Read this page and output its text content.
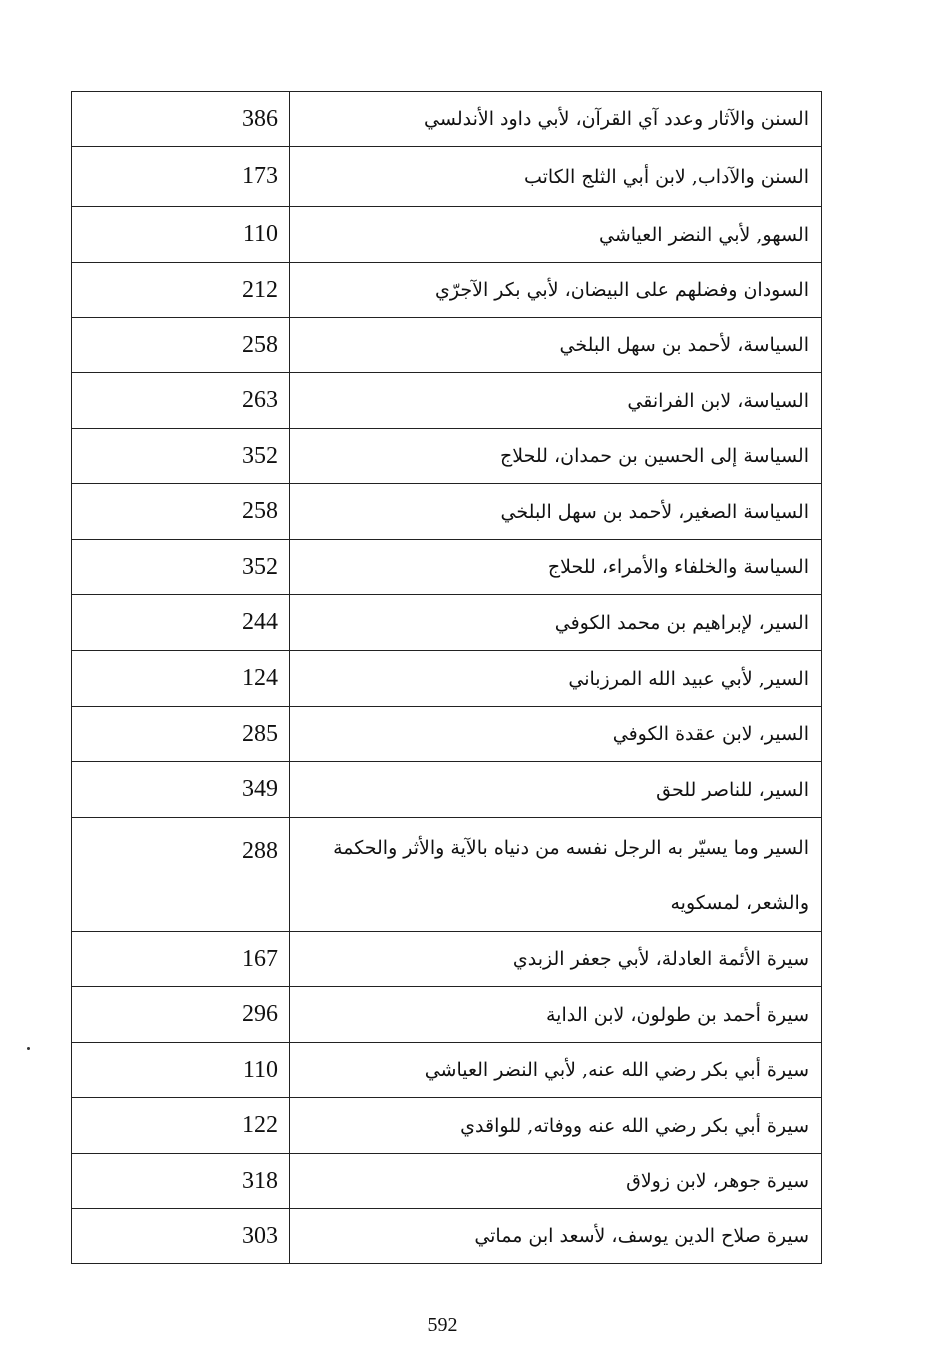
386	السنن والآثار وعدد آي القرآن، لأبي داود الأندلسي
173	السنن والآداب, لابن أبي الثلج الكاتب
110	السهو, لأبي النضر العياشي
212	السودان وفضلهم على البيضان، لأبي بكر الآجرّي
258	السياسة، لأحمد بن سهل البلخي
263	السياسة، لابن الفرانقي
352	السياسة إلى الحسين بن حمدان، للحلاج
258	السياسة الصغير، لأحمد بن سهل البلخي
352	السياسة والخلفاء والأمراء، للحلاج
244	السير، لإبراهيم بن محمد الكوفي
124	السير, لأبي عبيد الله المرزباني
285	السير، لابن عقدة الكوفي
349	السير، للناصر للحق
288	السير وما يسيّر به الرجل نفسه من دنياه بالآية والأثر والحكمة والشعر، لمسكويه
167	سيرة الأئمة العادلة، لأبي جعفر الزبدي
296	سيرة أحمد بن طولون، لابن الداية
110	سيرة أبي بكر رضي الله عنه, لأبي النضر العياشي
122	سيرة أبي بكر رضي الله عنه ووفاته, للواقدي
318	سيرة جوهر، لابن زولاق
303	سيرة صلاح الدين يوسف، لأسعد ابن مماتي
592
